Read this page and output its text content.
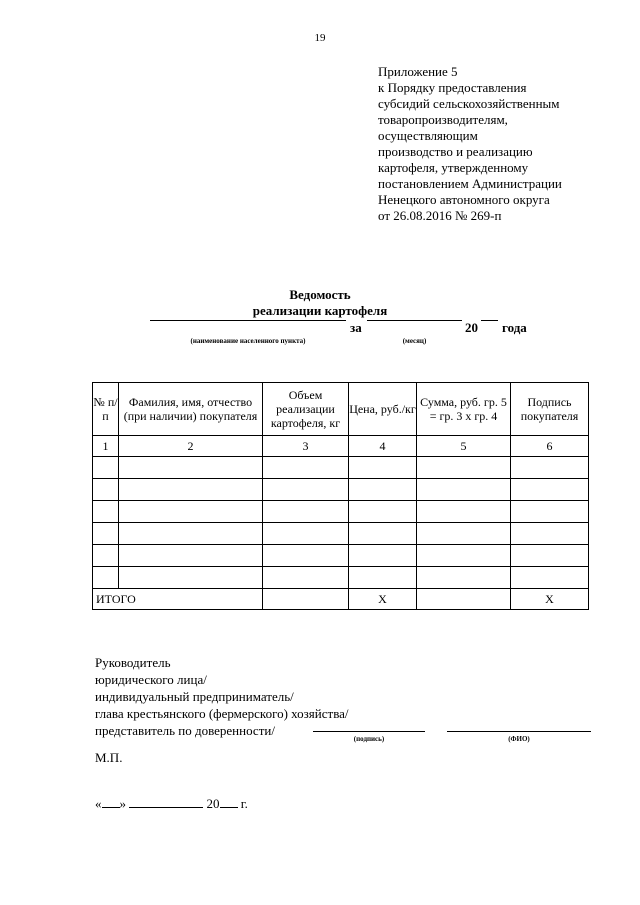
19
Приложение 5
к Порядку предоставления
субсидий сельскохозяйственным
товаропроизводителям,
осуществляющим
производство и реализацию
картофеля, утвержденному
постановлением Администрации
Ненецкого автономного округа
от 26.08.2016 № 269-п
Ведомость
реализации картофеля
за	20 года
(наименование населенного пункта)	(месяц)
№ п/п	Фамилия, имя, отчество (при наличии) покупателя	Объем реализации картофеля, кг	Цена, руб./кг	Сумма, руб. гр. 5 = гр. 3 х гр. 4	Подпись покупателя
1	2	3	4	5	6

ИТОГО			Х		Х
Руководитель
юридического лица/
индивидуальный предприниматель/
глава крестьянского (фермерского) хозяйства/
представитель по доверенности/
(подпись)	(ФИО)
М.П.
« »	20 г.
